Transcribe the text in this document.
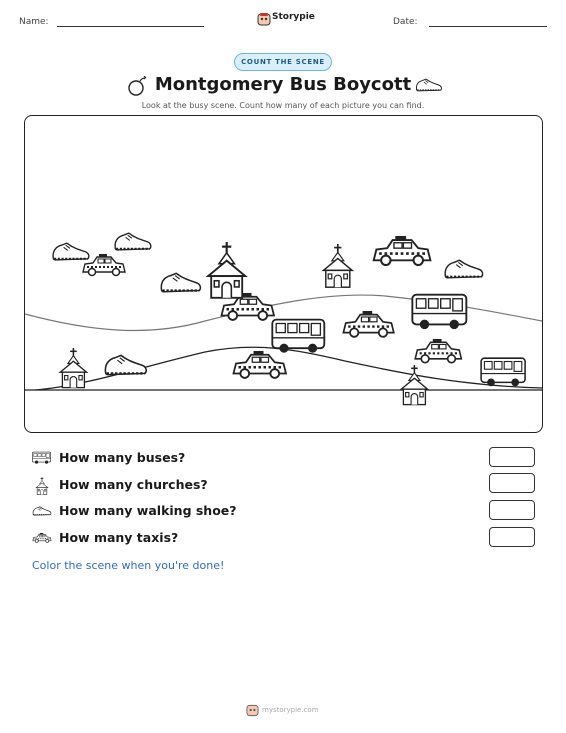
Name:	Storypie	Date:
COUNT THE SCENE
Montgomery Bus Boycott
Look at the busy scene. Count how many of each picture you can find.
How many buses?
How many churches?
How many walking shoe?
How many taxis?
Color the scene when you're done!
mystorypie.com
